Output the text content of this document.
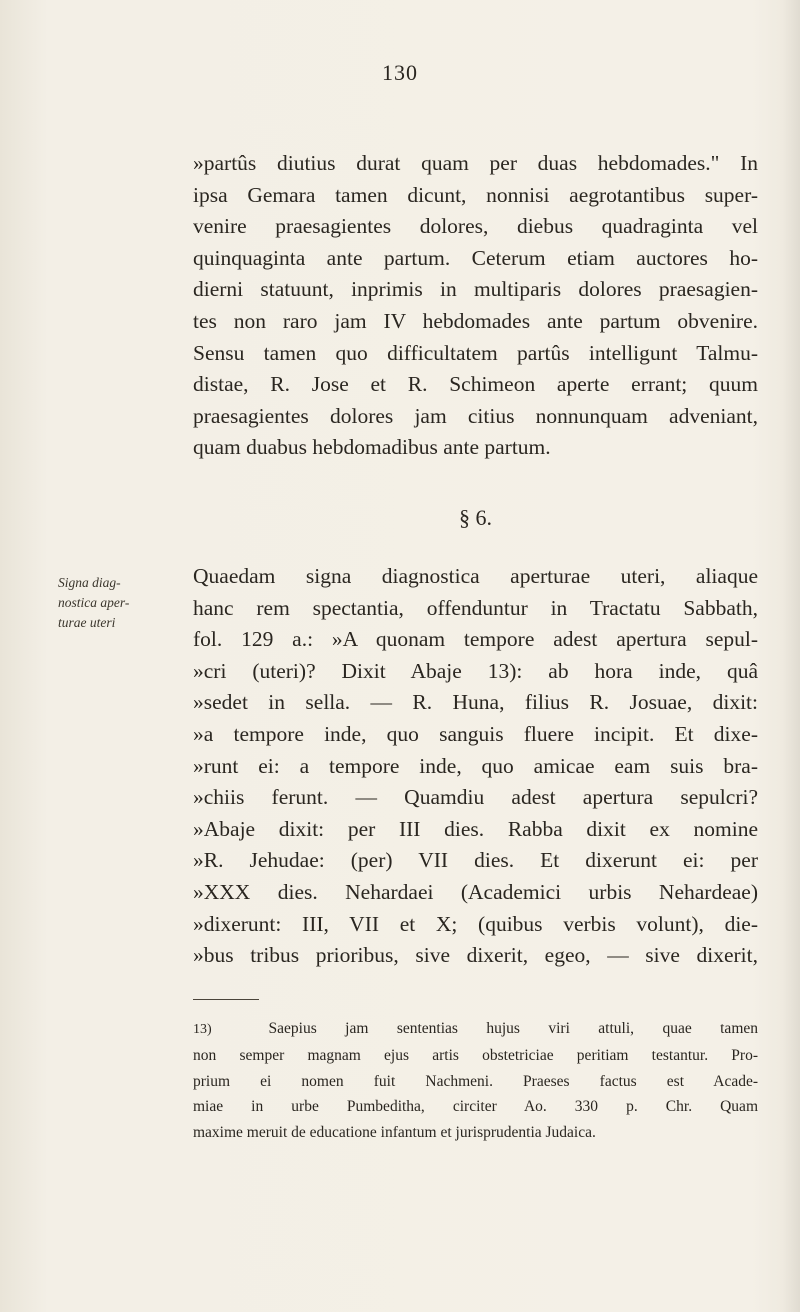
130

»partûs diutius durat quam per duas hebdomades." In

ipsa Gemara tamen dicunt, nonnisi aegrotantibus super-

venire praesagientes dolores, diebus quadraginta vel

quinquaginta ante partum. Ceterum etiam auctores ho-

dierni statuunt, inprimis in multiparis dolores praesagien-

tes non raro jam IV hebdomades ante partum obvenire.

Sensu tamen quo difficultatem partûs intelligunt Talmu-

distae, R. Jose et R. Schimeon aperte errant; quum

praesagientes dolores jam citius nonnunquam adveniant,

quam duabus hebdomadibus ante partum.

§ 6.
Signa diag-
nostica aper-
turae uteri

Quaedam signa diagnostica aperturae uteri, aliaque

hanc rem spectantia, offenduntur in Tractatu Sabbath,

fol. 129 a.: »A quonam tempore adest apertura sepul-

»cri (uteri)? Dixit Abaje 13): ab hora inde, quâ

»sedet in sella. — R. Huna, filius R. Josuae, dixit:

»a tempore inde, quo sanguis fluere incipit. Et dixe-

»runt ei: a tempore inde, quo amicae eam suis bra-

»chiis ferunt. — Quamdiu adest apertura sepulcri?

»Abaje dixit: per III dies. Rabba dixit ex nomine

»R. Jehudae: (per) VII dies. Et dixerunt ei: per

»XXX dies. Nehardaei (Academici urbis Nehardeae)

»dixerunt: III, VII et X; (quibus verbis volunt), die-

»bus tribus prioribus, sive dixerit, egeo, — sive dixerit,

13)	Saepius jam sententias hujus viri attuli, quae tamen

non semper magnam ejus artis obstetriciae peritiam testantur. Pro-

prium ei nomen fuit Nachmeni. Praeses factus est Acade-

miae in urbe Pumbeditha, circiter Ao. 330 p. Chr. Quam

maxime meruit de educatione infantum et jurisprudentia Judaica.
